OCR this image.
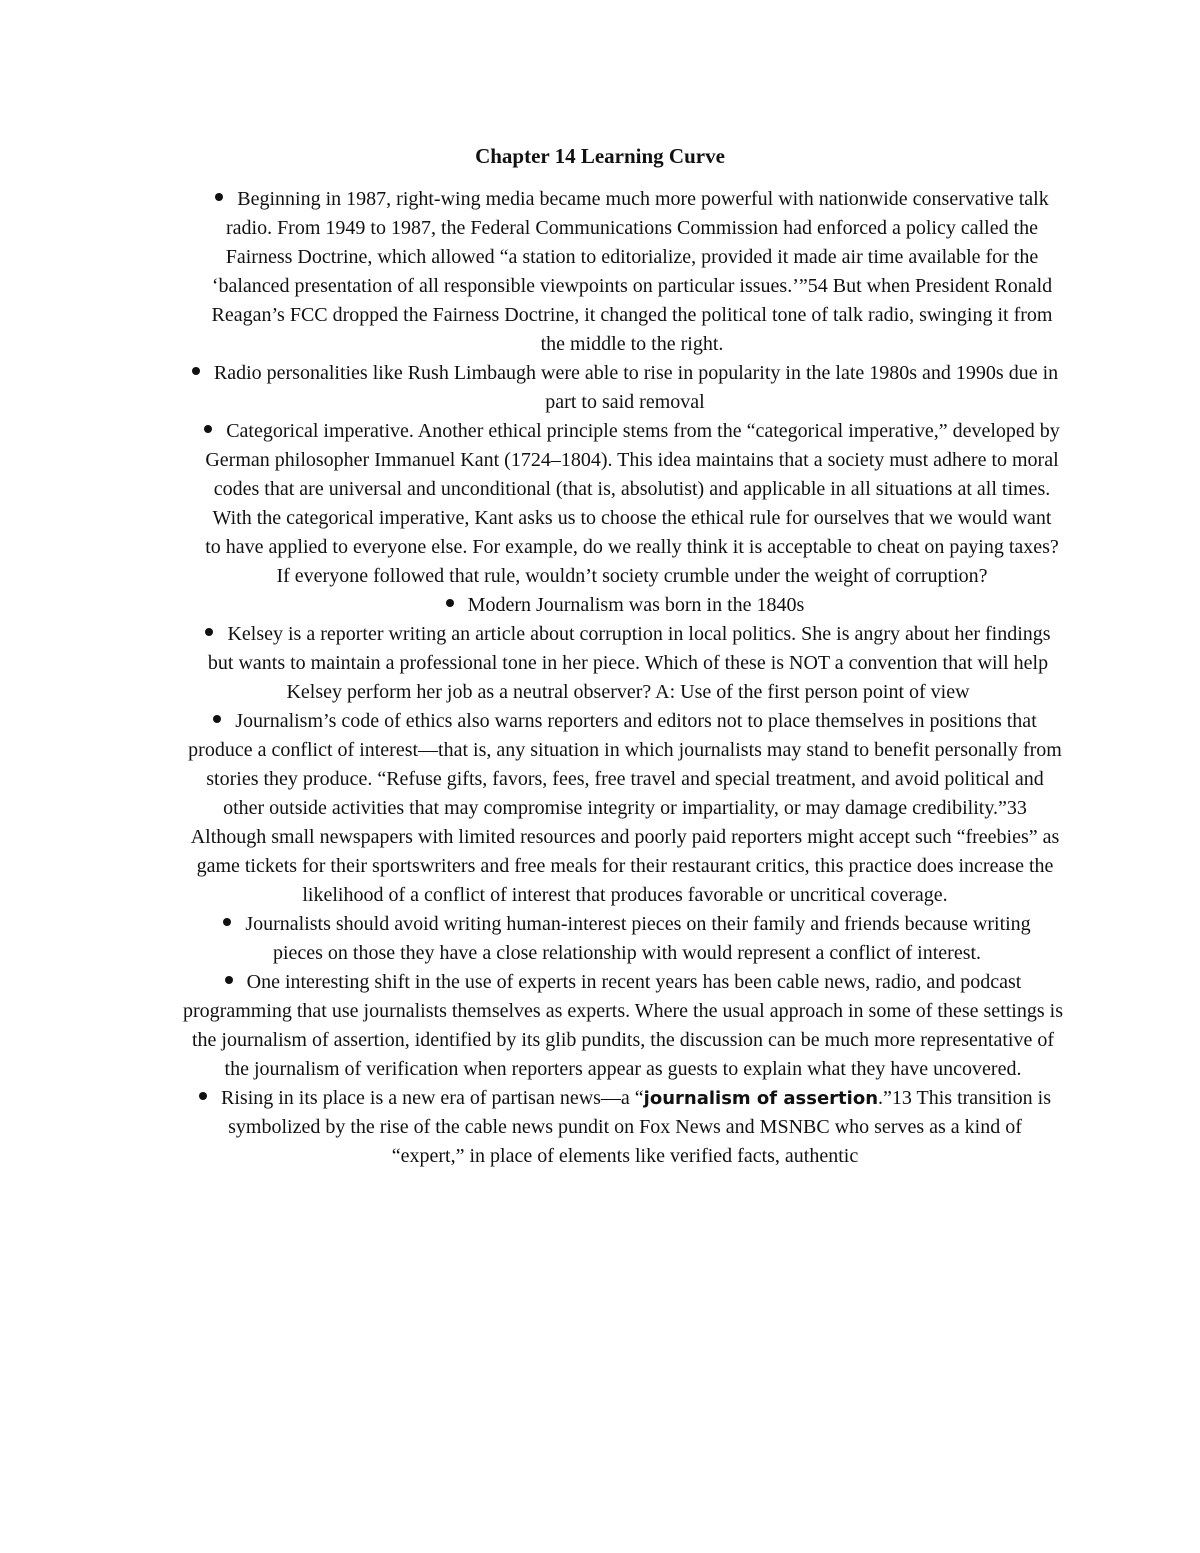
Chapter 14 Learning Curve
Beginning in 1987, right-wing media became much more powerful with nationwide conservative talk radio. From 1949 to 1987, the Federal Communications Commission had enforced a policy called the Fairness Doctrine, which allowed “a station to editorialize, provided it made air time available for the ‘balanced presentation of all responsible viewpoints on particular issues.’”54 But when President Ronald Reagan’s FCC dropped the Fairness Doctrine, it changed the political tone of talk radio, swinging it from the middle to the right.
Radio personalities like Rush Limbaugh were able to rise in popularity in the late 1980s and 1990s due in part to said removal
Categorical imperative. Another ethical principle stems from the “categorical imperative,” developed by German philosopher Immanuel Kant (1724–1804). This idea maintains that a society must adhere to moral codes that are universal and unconditional (that is, absolutist) and applicable in all situations at all times. With the categorical imperative, Kant asks us to choose the ethical rule for ourselves that we would want to have applied to everyone else. For example, do we really think it is acceptable to cheat on paying taxes? If everyone followed that rule, wouldn’t society crumble under the weight of corruption?
Modern Journalism was born in the 1840s
Kelsey is a reporter writing an article about corruption in local politics. She is angry about her findings but wants to maintain a professional tone in her piece. Which of these is NOT a convention that will help Kelsey perform her job as a neutral observer? A: Use of the first person point of view
Journalism’s code of ethics also warns reporters and editors not to place themselves in positions that produce a conflict of interest—that is, any situation in which journalists may stand to benefit personally from stories they produce. “Refuse gifts, favors, fees, free travel and special treatment, and avoid political and other outside activities that may compromise integrity or impartiality, or may damage credibility.”33 Although small newspapers with limited resources and poorly paid reporters might accept such “freebies” as game tickets for their sportswriters and free meals for their restaurant critics, this practice does increase the likelihood of a conflict of interest that produces favorable or uncritical coverage.
Journalists should avoid writing human-interest pieces on their family and friends because writing pieces on those they have a close relationship with would represent a conflict of interest.
One interesting shift in the use of experts in recent years has been cable news, radio, and podcast programming that use journalists themselves as experts. Where the usual approach in some of these settings is the journalism of assertion, identified by its glib pundits, the discussion can be much more representative of the journalism of verification when reporters appear as guests to explain what they have uncovered.
Rising in its place is a new era of partisan news—a “journalism of assertion.”13 This transition is symbolized by the rise of the cable news pundit on Fox News and MSNBC who serves as a kind of “expert,” in place of elements like verified facts, authentic
